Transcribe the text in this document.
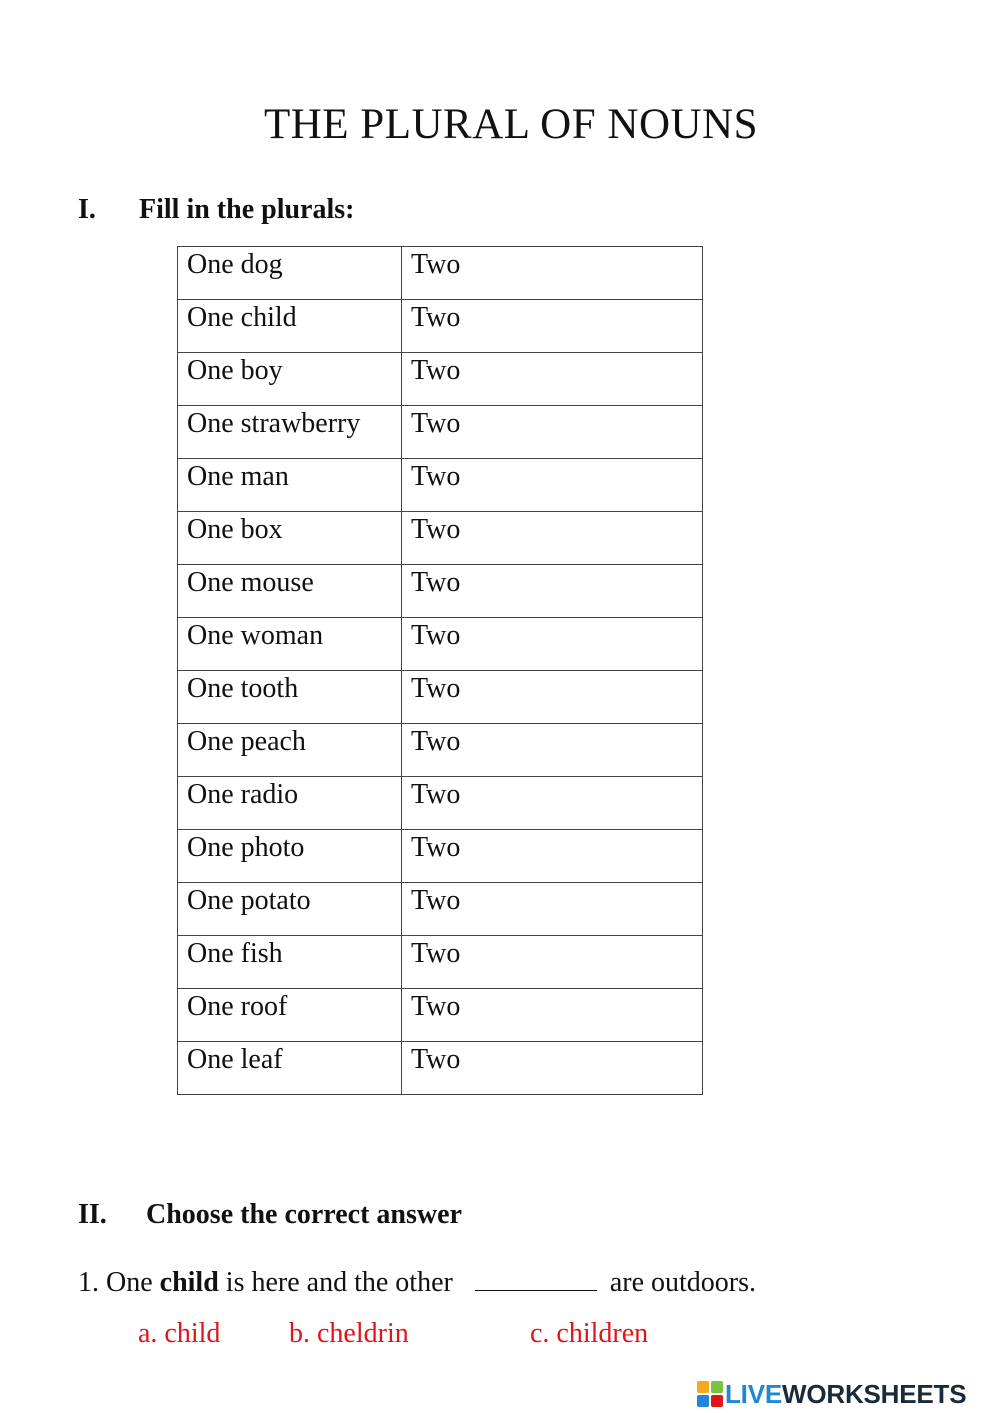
THE PLURAL OF NOUNS
I. Fill in the plurals:
One dog	Two
One child	Two
One boy	Two
One strawberry	Two
One man	Two
One box	Two
One mouse	Two
One woman	Two
One tooth	Two
One peach	Two
One radio	Two
One photo	Two
One potato	Two
One fish	Two
One roof	Two
One leaf	Two
II. Choose the correct answer
1. One child is here and the other	are outdoors.
a. child b. cheldrin	c. children
LIVEWORKSHEETS
